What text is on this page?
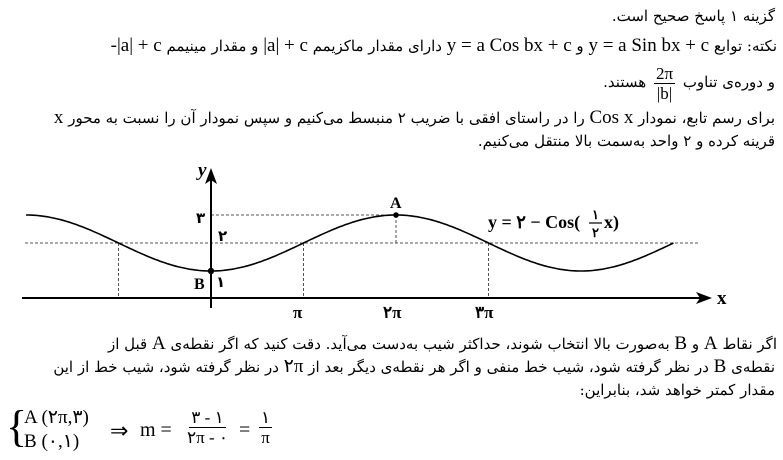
گزینه ۱ پاسخ صحیح است.
نکته: توابع y = a Sin bx + c و y = a Cos bx + c دارای مقدار ماکزیمم |a| + c و مقدار مینیمم -|a| + c
و دوره‌ی تناوب
$\frac{2\pi}{|b|}$
هستند.
برای رسم تابع، نمودار Cos x را در راستای افقی با ضریب ۲ منبسط می‌کنیم و سپس نمودار آن را نسبت به محور x
قرینه کرده و ۲ واحد به‌سمت بالا منتقل می‌کنیم.
y
x
۳
۲
۱
π	۲π	۳π
A
B
y = ۲ − Cos( ۱
۲
x)
اگر نقاط A و B به‌صورت بالا انتخاب شوند، حداکثر شیب به‌دست می‌آید. دقت کنید که اگر نقطه‌ی A قبل از
نقطه‌ی B در نظر گرفته شود، شیب خط منفی و اگر هر نقطه‌ی دیگر بعد از ۲π در نظر گرفته شود، شیب خط از این
مقدار کمتر خواهد شد، بنابراین:
{
A (۲π,۳)
B (۰,۱) ⇒ m =
۳ - ۱
۲π - ۰ =
۱
π
